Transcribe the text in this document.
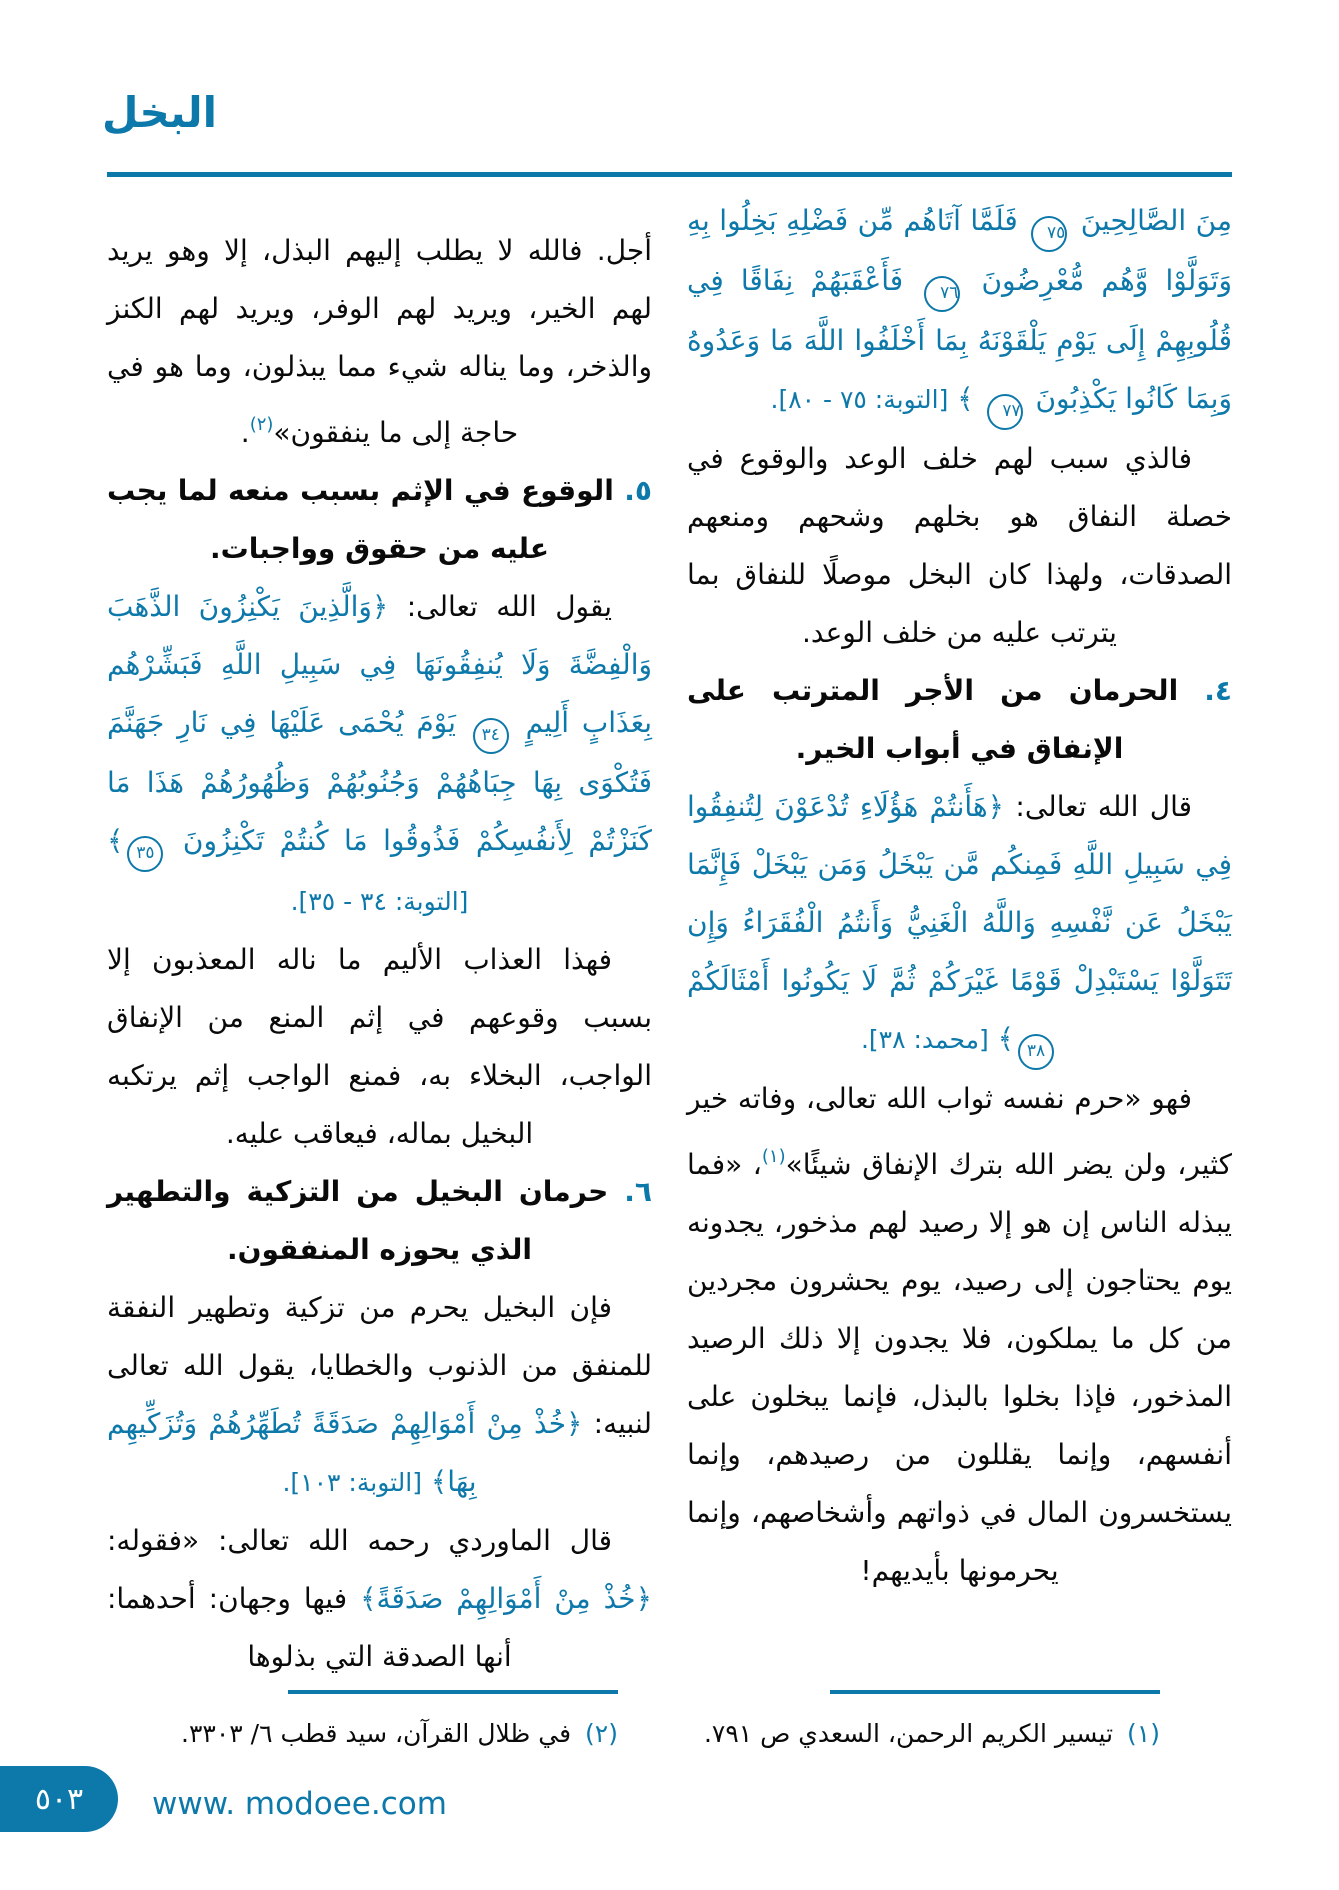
البخل

مِنَ الصَّالِحِينَ ٧٥ فَلَمَّا آتَاهُم مِّن فَضْلِهِ بَخِلُوا بِهِ وَتَوَلَّوْا وَّهُم مُّعْرِضُونَ ٧٦ فَأَعْقَبَهُمْ نِفَاقًا فِي قُلُوبِهِمْ إِلَى يَوْمِ يَلْقَوْنَهُ بِمَا أَخْلَفُوا اللَّهَ مَا وَعَدُوهُ وَبِمَا كَانُوا يَكْذِبُونَ ٧٧ ﴾ [التوبة: ٧٥ - ٨٠].

فالذي سبب لهم خلف الوعد والوقوع في خصلة النفاق هو بخلهم وشحهم ومنعهم الصدقات، ولهذا كان البخل موصلًا للنفاق بما يترتب عليه من خلف الوعد.

٤. الحرمان من الأجر المترتب على الإنفاق في أبواب الخير.

قال الله تعالى: ﴿هَأَنتُمْ هَؤُلَاءِ تُدْعَوْنَ لِتُنفِقُوا فِي سَبِيلِ اللَّهِ فَمِنكُم مَّن يَبْخَلُ وَمَن يَبْخَلْ فَإِنَّمَا يَبْخَلُ عَن نَّفْسِهِ وَاللَّهُ الْغَنِيُّ وَأَنتُمُ الْفُقَرَاءُ وَإِن تَتَوَلَّوْا يَسْتَبْدِلْ قَوْمًا غَيْرَكُمْ ثُمَّ لَا يَكُونُوا أَمْثَالَكُمْ ٣٨﴾ [محمد: ٣٨].

فهو «حرم نفسه ثواب الله تعالى، وفاته خير كثير، ولن يضر الله بترك الإنفاق شيئًا»$^{(١)}$، «فما يبذله الناس إن هو إلا رصيد لهم مذخور، يجدونه يوم يحتاجون إلى رصيد، يوم يحشرون مجردين من كل ما يملكون، فلا يجدون إلا ذلك الرصيد المذخور، فإذا بخلوا بالبذل، فإنما يبخلون على أنفسهم، وإنما يقللون من رصيدهم، وإنما يستخسرون المال في ذواتهم وأشخاصهم، وإنما يحرمونها بأيديهم!

أجل. فالله لا يطلب إليهم البذل، إلا وهو يريد لهم الخير، ويريد لهم الوفر، ويريد لهم الكنز والذخر، وما يناله شيء مما يبذلون، وما هو في حاجة إلى ما ينفقون»$^{(٢)}$.

٥. الوقوع في الإثم بسبب منعه لما يجب عليه من حقوق وواجبات.

يقول الله تعالى: ﴿وَالَّذِينَ يَكْنِزُونَ الذَّهَبَ وَالْفِضَّةَ وَلَا يُنفِقُونَهَا فِي سَبِيلِ اللَّهِ فَبَشِّرْهُم بِعَذَابٍ أَلِيمٍ ٣٤ يَوْمَ يُحْمَى عَلَيْهَا فِي نَارِ جَهَنَّمَ فَتُكْوَى بِهَا جِبَاهُهُمْ وَجُنُوبُهُمْ وَظُهُورُهُمْ هَذَا مَا كَنَزْتُمْ لِأَنفُسِكُمْ فَذُوقُوا مَا كُنتُمْ تَكْنِزُونَ ٣٥﴾ [التوبة: ٣٤ - ٣٥].

فهذا العذاب الأليم ما ناله المعذبون إلا بسبب وقوعهم في إثم المنع من الإنفاق الواجب، البخلاء به، فمنع الواجب إثم يرتكبه البخيل بماله، فيعاقب عليه.

٦. حرمان البخيل من التزكية والتطهير الذي يحوزه المنفقون.

فإن البخيل يحرم من تزكية وتطهير النفقة للمنفق من الذنوب والخطايا، يقول الله تعالى لنبيه: ﴿خُذْ مِنْ أَمْوَالِهِمْ صَدَقَةً تُطَهِّرُهُمْ وَتُزَكِّيهِم بِهَا﴾ [التوبة: ١٠٣].

قال الماوردي رحمه الله تعالى: «فقوله: ﴿خُذْ مِنْ أَمْوَالِهِمْ صَدَقَةً﴾ فيها وجهان: أحدهما: أنها الصدقة التي بذلوها

(١)تيسير الكريم الرحمن، السعدي ص ٧٩١.
(٢)في ظلال القرآن، سيد قطب ٦/ ٣٣٠٣.
٥٠٣ www. modoee.com
